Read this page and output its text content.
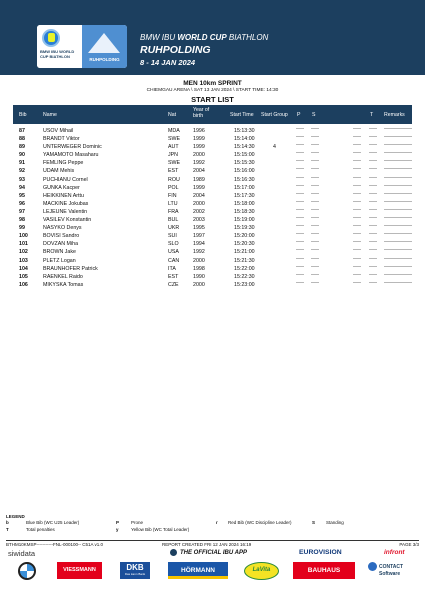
BMW IBU WORLD CUP BIATHLON
RUHPOLDING
BMW IBU WORLD CUP BIATHLON
RUHPOLDING
8 - 14 JAN 2024
MEN 10km SPRINT
CHIEMGAU ARENA \ SAT 13 JAN 2024 \ START TIME: 14:30
START LIST
Bib	Name	Nat
Year of
birth	Start Time Start Group P S	T Remarks
87	USOV Mihail	MDA 1996	15:13:30
88	BRANDT Viktor	SWE 1999	15:14:00
89	UNTERWEGER Dominic	AUT	1999	15:14:30	4
90	YAMAMOTO Masaharu	JPN	2000	15:15:00
91	FEMLING Peppe	SWE 1992	15:15:30
92	UDAM Mehis	EST	2004	15:16:00
93	PUCHIANU Cornel	ROU 1989	15:16:30
94	GUNKA Kacper	POL	1999	15:17:00
95	HEIKKINEN Arttu	FIN	2004	15:17:30
96	MACKINE Jokubas	LTU	2000	15:18:00
97	LEJEUNE Valentin	FRA	2002	15:18:30
98	VASILEV Konstantin	BUL	2003	15:19:00
99	NASYKO Denys	UKR	1995	15:19:30
100	BOVISI Sandro	SUI	1997	15:20:00
101	DOVZAN Miha	SLO	1994	15:20:30
102	BROWN Jake	USA	1992	15:21:00
103	PLETZ Logan	CAN	2000	15:21:30
104	BRAUNHOFER Patrick	ITA	1998	15:22:00
105	RAENKEL Raido	EST	1990	15:22:30
106	MIKYSKA Tomas	CZE	2000	15:23:00
LEGEND
b	Blue Bib (WC U25 Leader)	P	Prone	r Red Bib (WC Discipline Leader)	S Standing
T	Total penalties	y	Yellow Bib (WC Total Leader)
BTHM10KMSP-----------FNL-000100-- C51A v1.0	REPORT CREATED FRI 12 JAN 2024 16:19	PAGE 3/3
siwidata	THE OFFICIAL IBU APP	EUROVISION	infront
VIESSMANN	DKB
Das kann Bank	HÖRMANN	LaVita	BAUHAUS
CONTACT
Software
